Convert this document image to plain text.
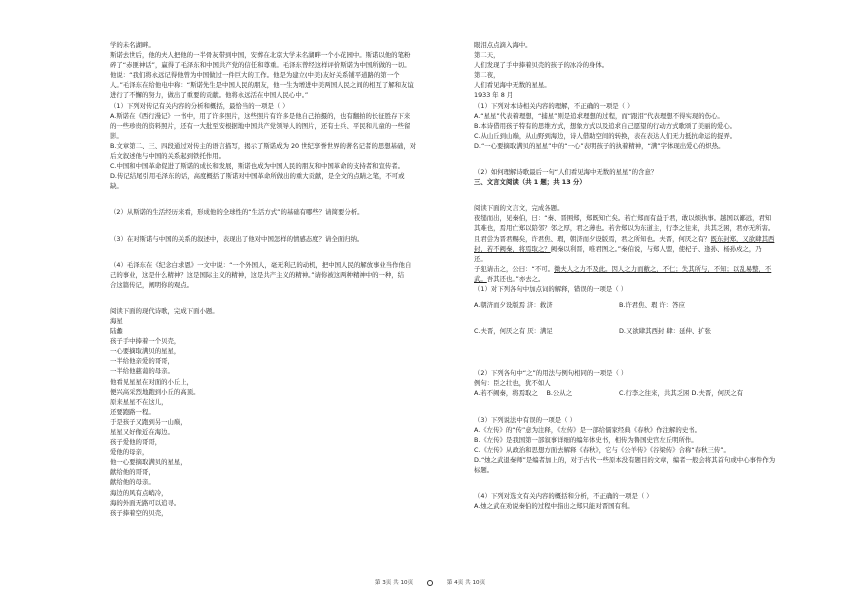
学的未名湖畔。
斯诺去世后，他的夫人把他的一半骨灰带到中国，安葬在北京大学未名湖畔一个小花园中。斯诺以他的笔粉
碎了“赤匪神话”，赢得了毛泽东和中国共产党的信任和尊重。毛泽东曾经这样评价斯诺为中国所做的一切。
他说：“我们将永远记得他曾为中国做过一件巨大的工作。他是为建立(中美)友好关系铺平道路的第一个
人。”毛泽东在给他电中称：“斯诺先生是中国人民的朋友，他一生为增进中美两国人民之间的相互了解和友谊
进行了不懈的努力，做出了重要的贡献。他将永远活在中国人民心中。”
（1）下列对传记有关内容的分析和概括，最恰当的一项是（ ）
A.斯诺在《西行漫记》一书中，用了许多照片，这些照片有许多是他自己拍摄的，也有翻拍的长征胜存下来
的一些珍贵的资料照片，还有一大批至安根据地中国共产党领导人的图片，还有士兵、平民和儿童的一些留
影。
B.文章第二、三、四段通过对传主的语言描写，揭示了斯诺成为 20 世纪享誉世界的著名记者的思想基础，对
后文叙述他与中国的关系起到铁托作用。
C.中国和中国革命促进了斯诺的成长和发展，斯诺也成为中国人民的朋友和中国革命的支持者和宣传者。
D.传记结尾引用毛泽东的话，高度概括了斯诺对中国革命所做出的重大贡献，是全文的点睛之笔，不可或
缺。
（2）从斯诺的生活经历来看，形成他的全球性的“生活方式”的基础有哪些？请简要分析。
（3）在对斯诺与中国的关系的叙述中，表现出了他对中国怎样的情感态度？请全面归纳。
（4）毛泽东在《纪念白求恩》一文中说：“一个外国人，毫无利己的动机，把中国人民的解放事业当作他自
己的事业，这是什么精神？这是国际主义的精神，这是共产主义的精神。”请你被这两种精神中的一种，结
合这篇传记，阐明你的观点。
阅读下面的现代诗歌，完成下面小题。
海星
陆蠡
孩子手中捧着一个贝壳，
一心要摘取满贝的星星，
一半给他亲爱的哥哥，
一半给他慈蔼的母亲。
他看见星星在对面的小丘上，
便兴高采烈地跑到小丘的高顶。
原来星星不在这儿，
还要跑路一程。
于是孩子又跑到另一山巅，
星星又好像近在海边。
孩子爱他的哥哥，
爱他的母亲，
他一心要摘取满贝的星星，
献给他的哥哥，
献给他的母亲。
海边的风有点峭冷，
海的外面无路可以追寻。
孩子捧着空的贝壳，
眼泪点点滴入海中。
第二天，
人们发现了手中捧着贝壳的孩子的冰冷的身体。
第二夜，
人们看见海中无数的星星。
1933 年 8 月
（1）下列对本诗相关内容的理解，不正确的一项是（ ）
A.“星星”代表着理想，“捕星”则是追求理想的过程，而“跟泪”代表理想不得实现的伤心。
B.本诗借用孩子特有的思维方式，想象方式以及追求自己愿望的行动方式歌颂了美丽的爱心。
C.从山丘到山巅，从山野到海边，诗人借助空间的转换，表在表达人们无力抵抗命运的捉弄。
D.“一心要摘取满贝的星星”中的“一心”表明孩子的执着精神，“满”字体现出爱心的炽热。
（2）如何理解诗歌最后一句“人们看见海中无数的星星”的含意？
三、文言文阅读（共 1 题；共 13 分）
阅读下面的文言文，完成各题。
夜缒而出，见秦伯，曰：“秦、晋围郑，郑既知亡矣。若亡郑而有益于君，敢以烦执事。越国以鄙远，君知
其难也，焉用亡郑以陪邻？邻之厚，君之薄也。若舍郑以为东道主，行李之往来，共其乏困，君亦无所害。
且君尝为晋君赐矣，许君焦、瑕，朝济而夕设版焉，君之所知也。夫晋，何厌之有？既东封郑，又欲肆其西
封，若不阙秦，将焉取之？阙秦以利晋，唯君图之。”秦伯说，与郑人盟，使杞子、逢孙、杨孙戍之，乃
还。
子犯请击之，公曰：“不可。微夫人之力不及此。因人之力而敝之，不仁；失其所与，不知；以乱易整，不
武。吾其还也。”亦去之。
（1）对下列各句中加点词的解释，错误的一项是（ ）
A.朝济而夕设版焉 济：救济	B.许君焦、瑕 许：答应
C.夫晋，何厌之有 厌：满足	D.又欲肆其西封 肆：延伸、扩张
（2）下列各句中“之”的用法与例句相同的一项是（ ）
例句：臣之壮也，犹不如人
A.若不阙秦，将焉取之	B.公从之	C.行李之往来，共其乏困 D.夫晋，何厌之有
（3）下列说法中有误的一项是（ ）
A.《左传》的“传”意为注释，《左传》是一部给儒家经典《春秋》作注解的史书。
B.《左传》是我国第一部叙事详细的编年体史书，相传为鲁国史官左丘明所作。
C.《左传》从政治和思想方面去解释《春秋》，它与《公羊传》《谷梁传》合称“春秋三传”。
D.“烛之武退秦师”是编者加上的，对于古代一些原本没有题目的文章，编者一般会将其首句或中心事件作为
标题。
（4）下列对选文有关内容的概括和分析，不正确的一项是（ ）
A.烛之武在劝说秦伯的过程中指出之郑只能对晋国有利。
第 3页 共 10页	第 4页 共 10页
